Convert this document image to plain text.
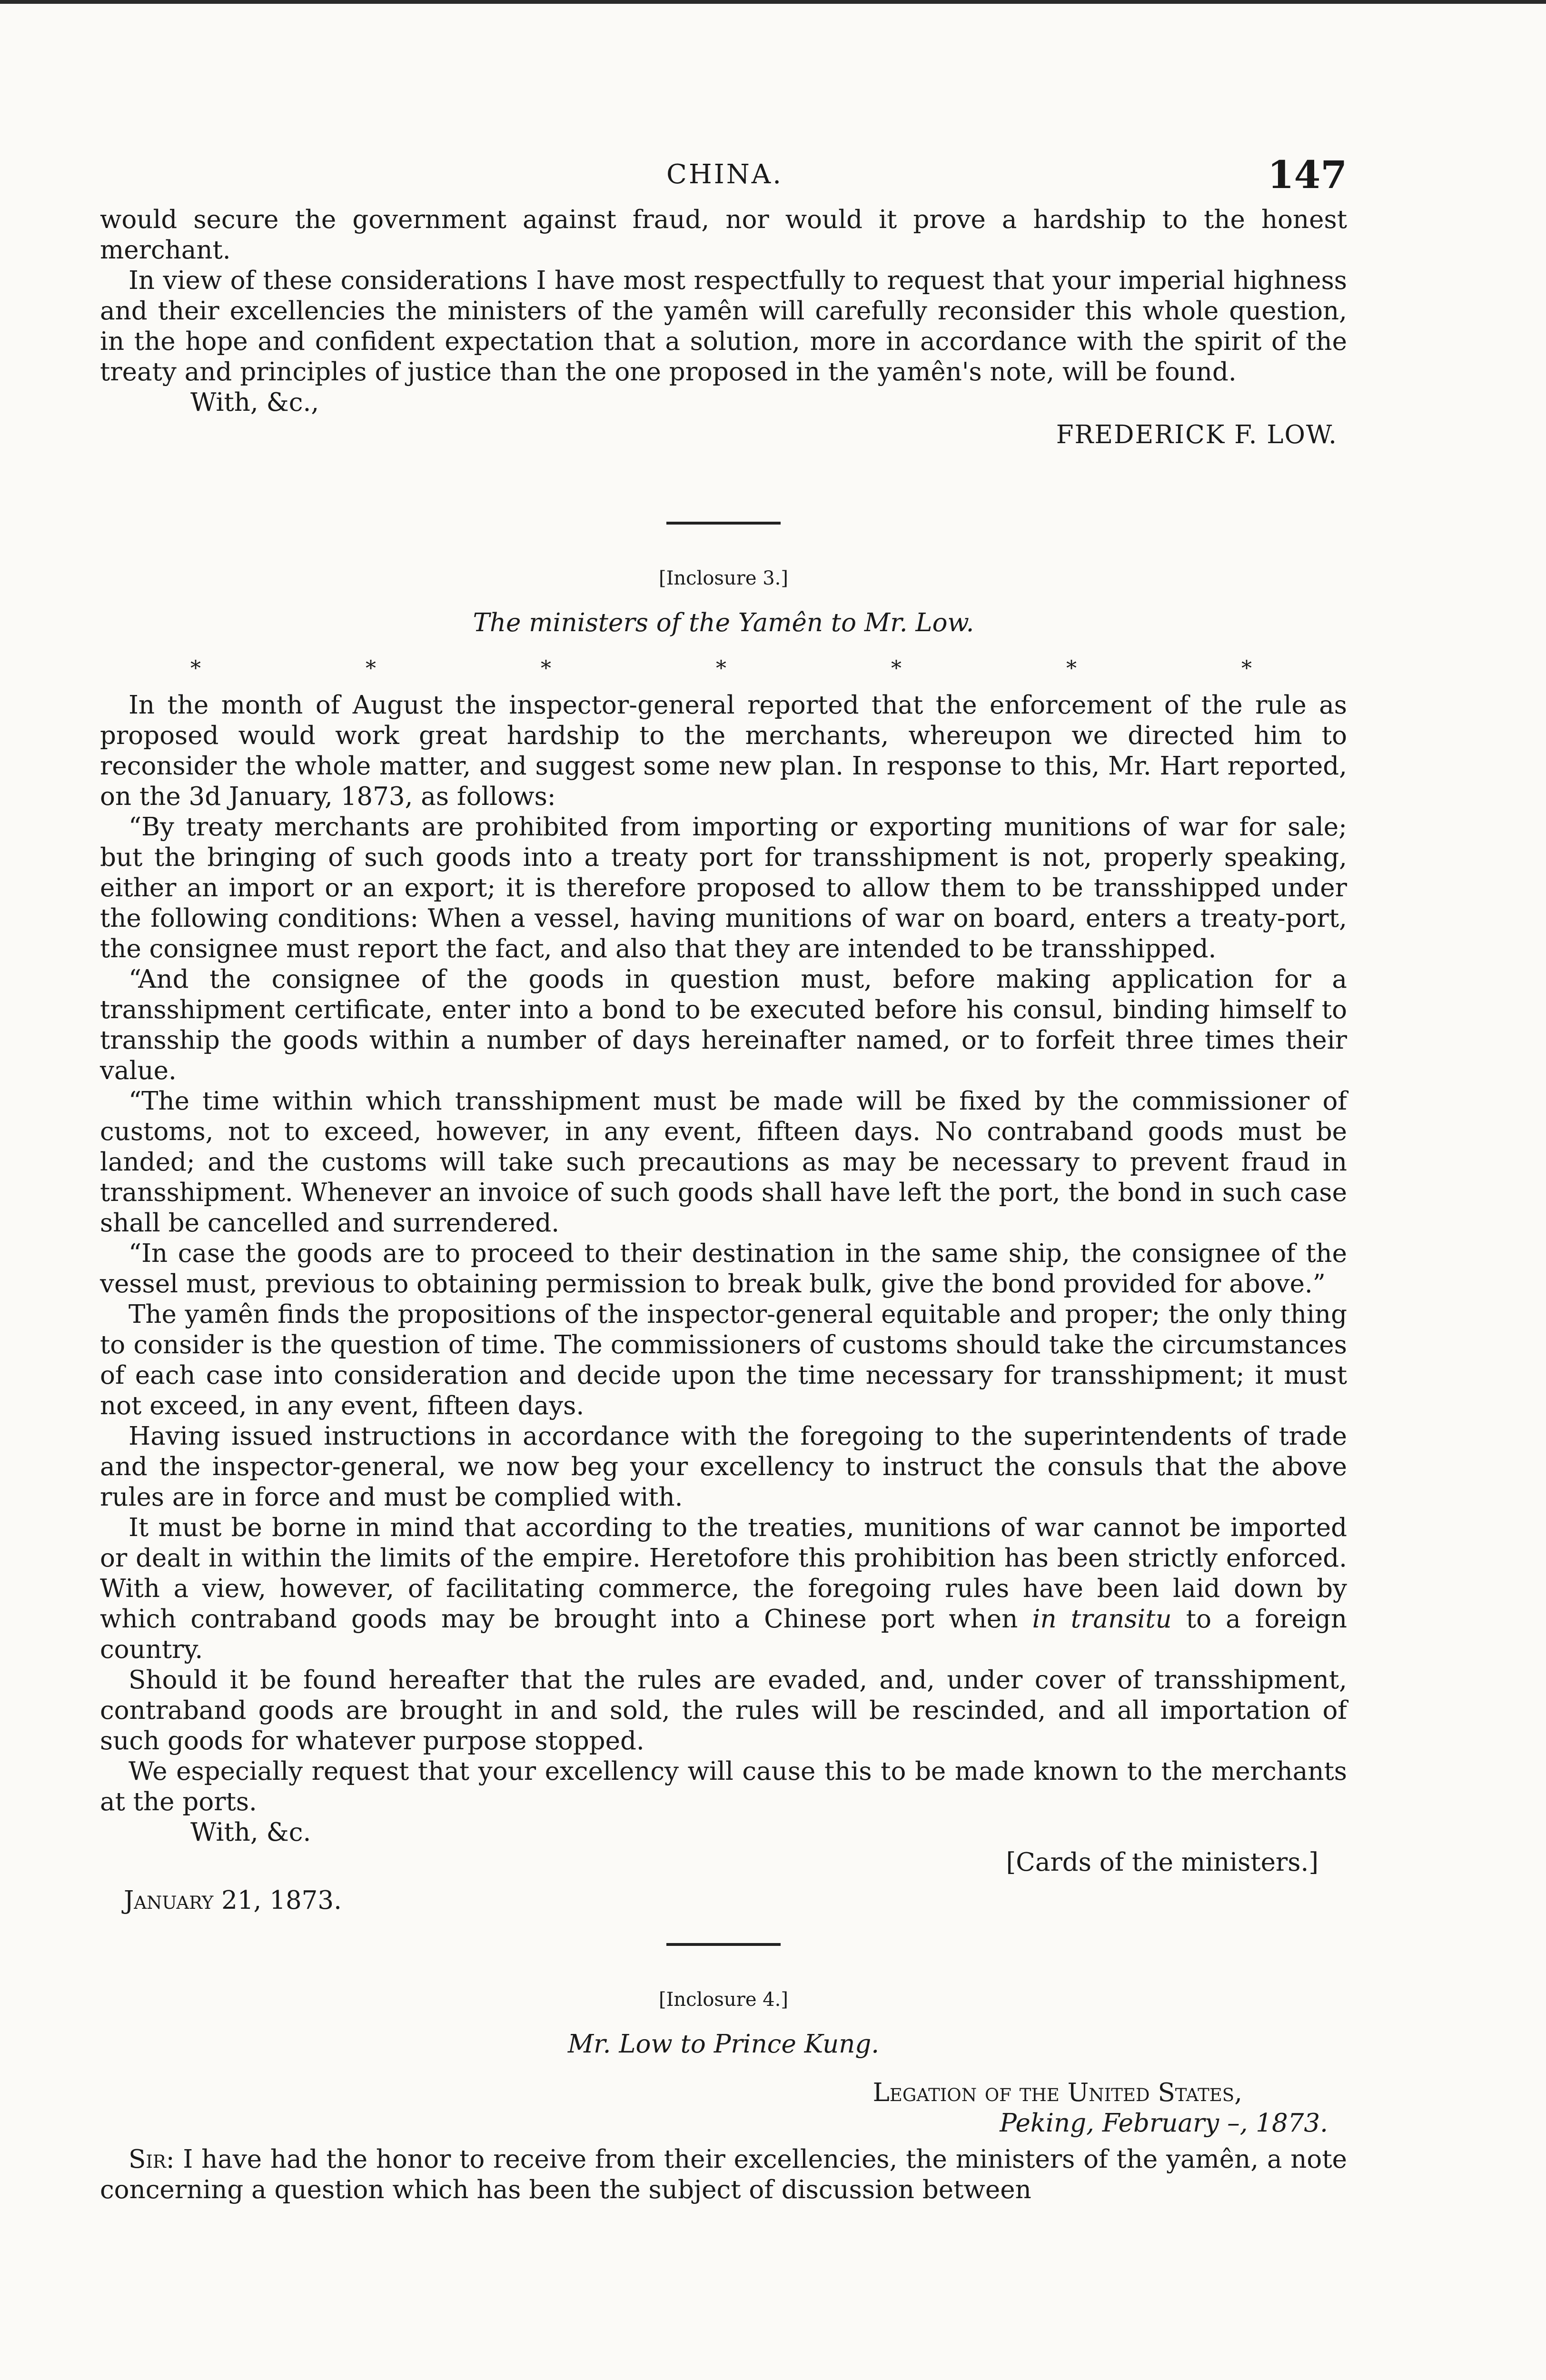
CHINA.	147

would secure the government against fraud, nor would it prove a hardship to the honest merchant.

In view of these considerations I have most respectfully to request that your imperial highness and their excellencies the ministers of the yamên will carefully reconsider this whole question, in the hope and confident expectation that a solution, more in accordance with the spirit of the treaty and principles of justice than the one proposed in the yamên's note, will be found.

With, &c.,

FREDERICK F. LOW.

[Inclosure 3.]
The ministers of the Yamên to Mr. Low.
*	*	*	*	*	*	*

In the month of August the inspector-general reported that the enforcement of the rule as proposed would work great hardship to the merchants, whereupon we directed him to reconsider the whole matter, and suggest some new plan. In response to this, Mr. Hart reported, on the 3d January, 1873, as follows:

“By treaty merchants are prohibited from importing or exporting munitions of war for sale; but the bringing of such goods into a treaty port for transshipment is not, properly speaking, either an import or an export; it is therefore proposed to allow them to be transshipped under the following conditions: When a vessel, having munitions of war on board, enters a treaty-port, the consignee must report the fact, and also that they are intended to be transshipped.

“And the consignee of the goods in question must, before making application for a transshipment certificate, enter into a bond to be executed before his consul, binding himself to transship the goods within a number of days hereinafter named, or to forfeit three times their value.

“The time within which transshipment must be made will be fixed by the commissioner of customs, not to exceed, however, in any event, fifteen days. No contraband goods must be landed; and the customs will take such precautions as may be necessary to prevent fraud in transshipment. Whenever an invoice of such goods shall have left the port, the bond in such case shall be cancelled and surrendered.

“In case the goods are to proceed to their destination in the same ship, the consignee of the vessel must, previous to obtaining permission to break bulk, give the bond provided for above.”

The yamên finds the propositions of the inspector-general equitable and proper; the only thing to consider is the question of time. The commissioners of customs should take the circumstances of each case into consideration and decide upon the time necessary for transshipment; it must not exceed, in any event, fifteen days.

Having issued instructions in accordance with the foregoing to the superintendents of trade and the inspector-general, we now beg your excellency to instruct the consuls that the above rules are in force and must be complied with.

It must be borne in mind that according to the treaties, munitions of war cannot be imported or dealt in within the limits of the empire. Heretofore this prohibition has been strictly enforced. With a view, however, of facilitating commerce, the foregoing rules have been laid down by which contraband goods may be brought into a Chinese port when in transitu to a foreign country.

Should it be found hereafter that the rules are evaded, and, under cover of transshipment, contraband goods are brought in and sold, the rules will be rescinded, and all importation of such goods for whatever purpose stopped.

We especially request that your excellency will cause this to be made known to the merchants at the ports.

With, &c.

[Cards of the ministers.]
January 21, 1873.
[Inclosure 4.]
Mr. Low to Prince Kung.
Legation of the United States,
Peking, February –, 1873.

Sir: I have had the honor to receive from their excellencies, the ministers of the yamên, a note concerning a question which has been the subject of discussion between
